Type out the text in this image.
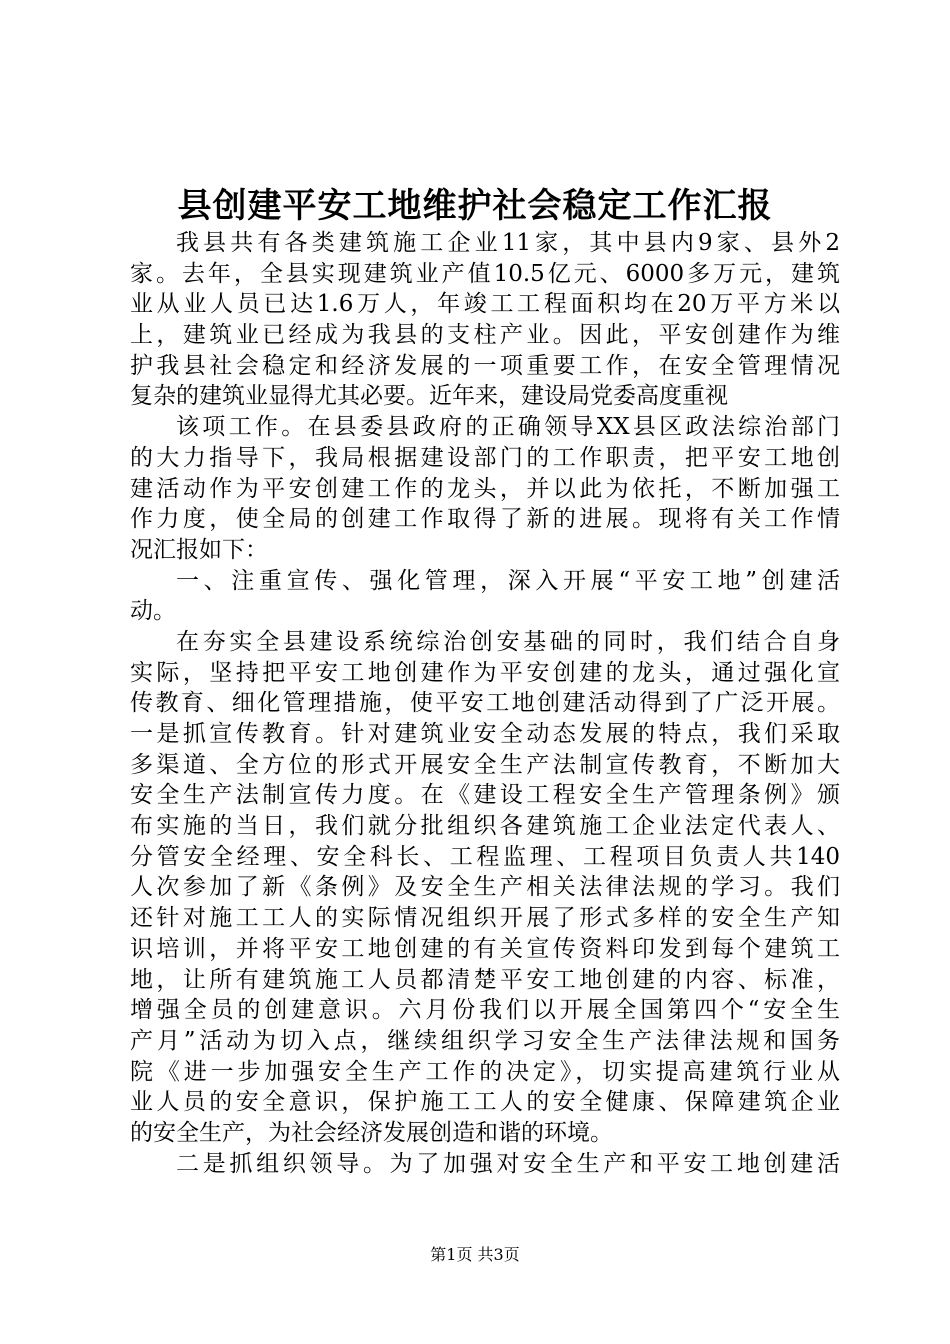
县创建平安工地维护社会稳定工作汇报
我县共有各类建筑施工企业11家，其中县内9家、县外2
家。去年，全县实现建筑业产值10.5亿元、6000多万元，建筑
业从业人员已达1.6万人，年竣工工程面积均在20万平方米以
上，建筑业已经成为我县的支柱产业。因此，平安创建作为维
护我县社会稳定和经济发展的一项重要工作，在安全管理情况
复杂的建筑业显得尤其必要。近年来，建设局党委高度重视
该项工作。在县委县政府的正确领导XX县区政法综治部门
的大力指导下，我局根据建设部门的工作职责，把平安工地创
建活动作为平安创建工作的龙头，并以此为依托，不断加强工
作力度，使全局的创建工作取得了新的进展。现将有关工作情
况汇报如下：
一、注重宣传、强化管理，深入开展“平安工地”创建活
动。
在夯实全县建设系统综治创安基础的同时，我们结合自身
实际，坚持把平安工地创建作为平安创建的龙头，通过强化宣
传教育、细化管理措施，使平安工地创建活动得到了广泛开展。
一是抓宣传教育。针对建筑业安全动态发展的特点，我们采取
多渠道、全方位的形式开展安全生产法制宣传教育，不断加大
安全生产法制宣传力度。在《建设工程安全生产管理条例》颁
布实施的当日，我们就分批组织各建筑施工企业法定代表人、
分管安全经理、安全科长、工程监理、工程项目负责人共140
人次参加了新《条例》及安全生产相关法律法规的学习。我们
还针对施工工人的实际情况组织开展了形式多样的安全生产知
识培训，并将平安工地创建的有关宣传资料印发到每个建筑工
地，让所有建筑施工人员都清楚平安工地创建的内容、标准，
增强全员的创建意识。六月份我们以开展全国第四个“安全生
产月”活动为切入点，继续组织学习安全生产法律法规和国务
院《进一步加强安全生产工作的决定》，切实提高建筑行业从
业人员的安全意识，保护施工工人的安全健康、保障建筑企业
的安全生产，为社会经济发展创造和谐的环境。
二是抓组织领导。为了加强对安全生产和平安工地创建活
第1页 共3页
